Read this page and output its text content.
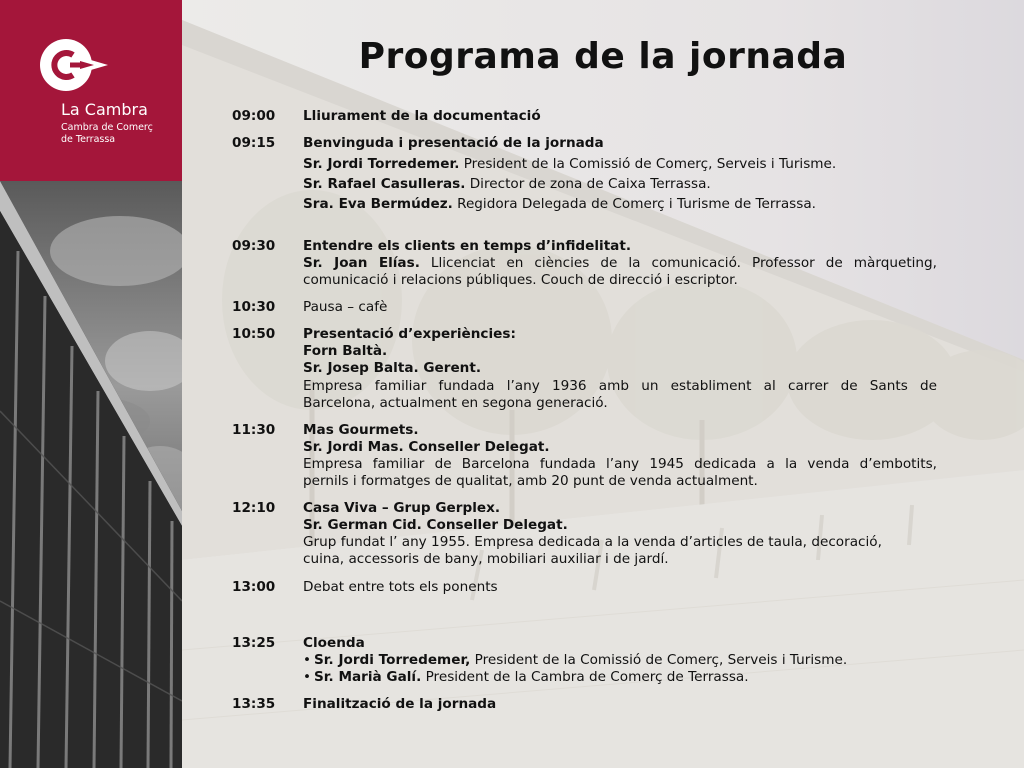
La Cambra
Cambra de Comerç
de Terrassa
Programa de la jornada
09:00 Lliurament de la documentació
09:15 Benvinguda i presentació de la jornada
Sr. Jordi Torredemer. President de la Comissió de Comerç, Serveis i Turisme.
Sr. Rafael Casulleras. Director de zona de Caixa Terrassa.
Sra. Eva Bermúdez. Regidora Delegada de Comerç i Turisme de Terrassa.
09:30 Entendre els clients en temps d’infidelitat.
Sr. Joan Elías. Llicenciat en ciències de la comunicació. Professor de màrqueting,
comunicació i relacions públiques. Couch de direcció i escriptor.
10:30 Pausa – cafè
10:50 Presentació d’experiències:
Forn Baltà.
Sr. Josep Balta. Gerent.
Empresa familiar fundada l’any 1936 amb un establiment al carrer de Sants de
Barcelona, actualment en segona generació.
11:30 Mas Gourmets.
Sr. Jordi Mas. Conseller Delegat.
Empresa familiar de Barcelona fundada l’any 1945 dedicada a la venda d’embotits,
pernils i formatges de qualitat, amb 20 punt de venda actualment.
12:10 Casa Viva – Grup Gerplex.
Sr. German Cid. Conseller Delegat.
Grup fundat l’ any 1955. Empresa dedicada a la venda d’articles de taula, decoració,
cuina, accessoris de bany, mobiliari auxiliar i de jardí.
13:00 Debat entre tots els ponents
13:25 Cloenda
• Sr. Jordi Torredemer, President de la Comissió de Comerç, Serveis i Turisme.
• Sr. Marià Galí. President de la Cambra de Comerç de Terrassa.
13:35 Finalització de la jornada
